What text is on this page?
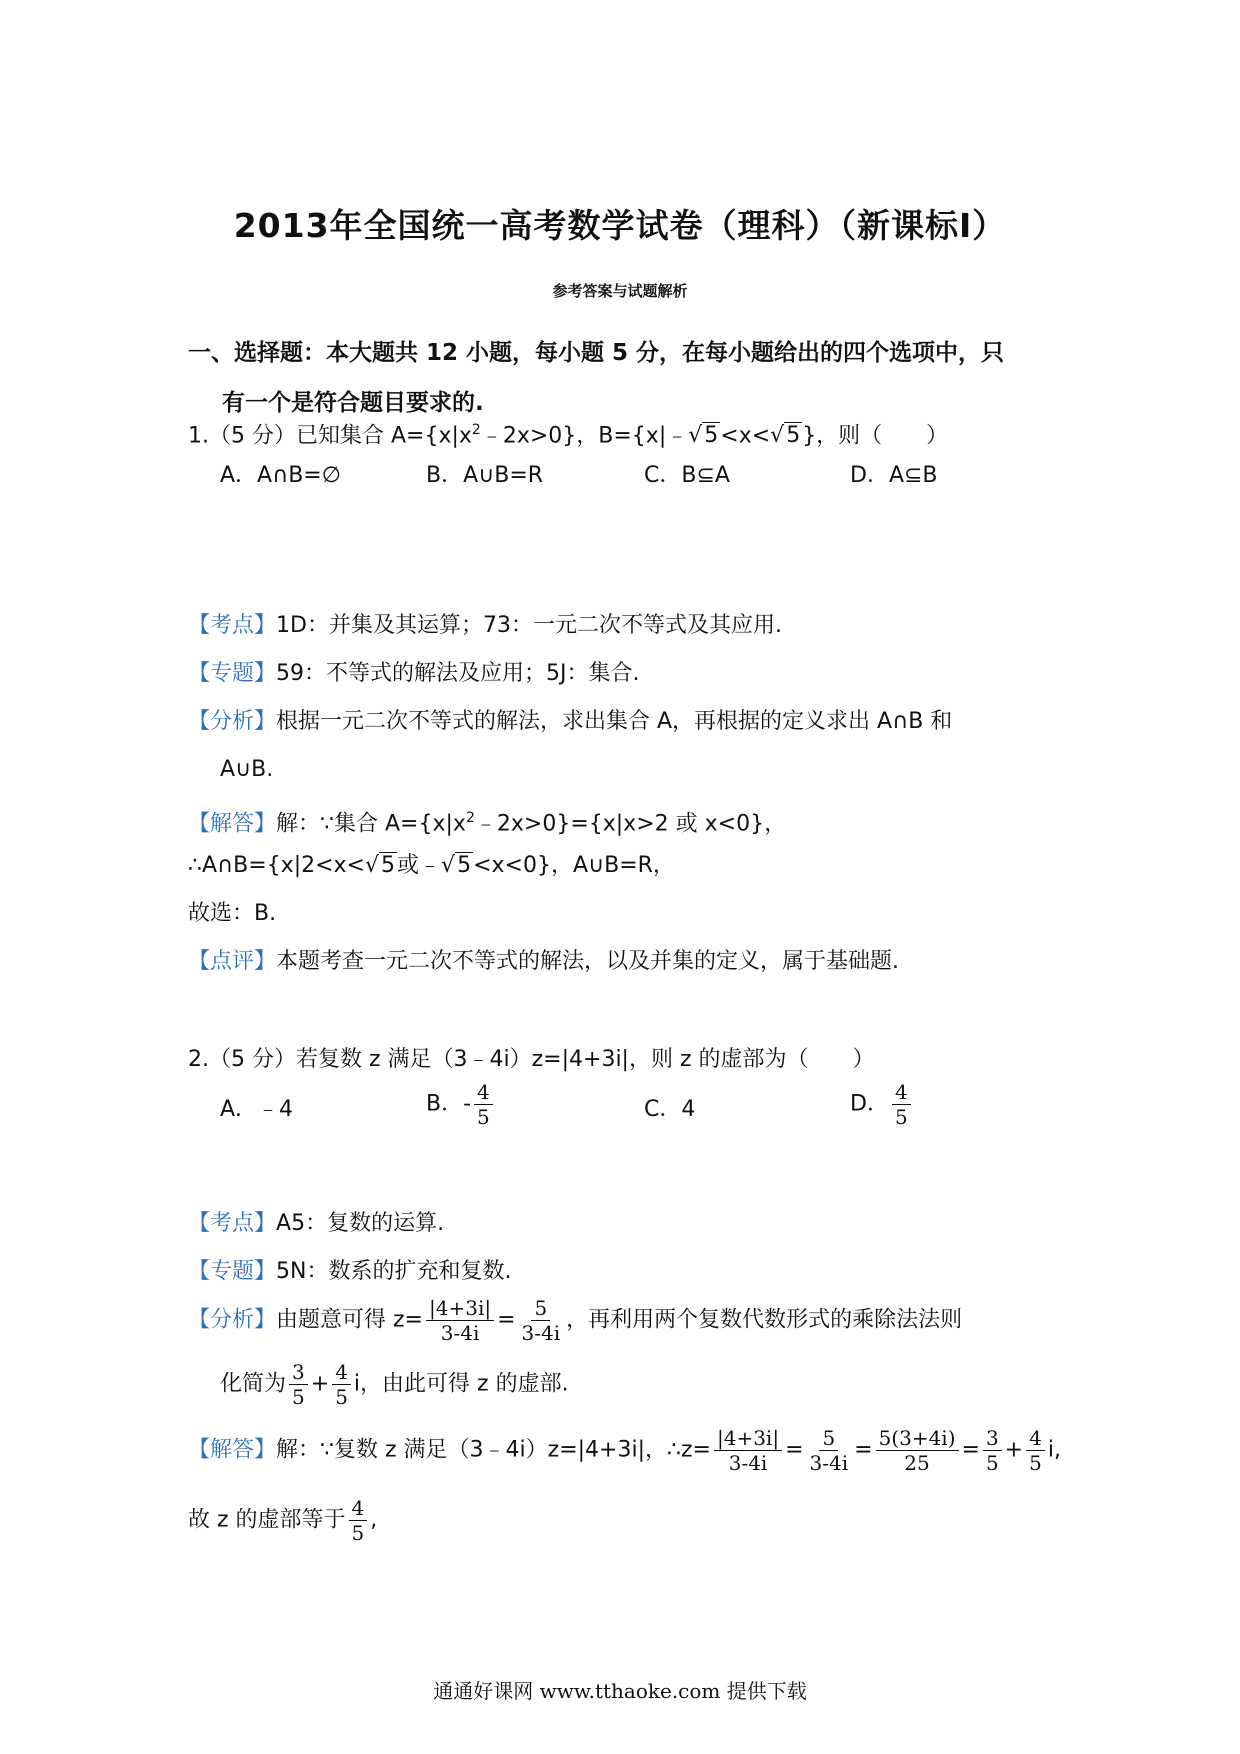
2013年全国统一高考数学试卷（理科）（新课标Ⅰ）
参考答案与试题解析
一、选择题：本大题共 12 小题，每小题 5 分，在每小题给出的四个选项中，只
有一个是符合题目要求的.
1.（5 分）已知集合 $A=\{x|x^2﹣2x>0\}$，B={x|﹣√5<x<√5}，则（　　）
A．A∩B=∅	B．A∪B=R	C．B⊆A	D．A⊆B
【考点】1D：并集及其运算；73：一元二次不等式及其应用.
【专题】59：不等式的解法及应用；5J：集合.
【分析】根据一元二次不等式的解法，求出集合 A，再根据的定义求出 A∩B 和
A∪B.
【解答】解：∵集合 $A=\{x|x^2﹣2x>0\}=\{x|x>2$ 或 x<0}，
∴A∩B={x|2<x<√5或﹣√5<x<0}，A∪B=R，
故选：B.
【点评】本题考查一元二次不等式的解法，以及并集的定义，属于基础题.
2.（5 分）若复数 z 满足（3﹣4i）z=|4+3i|，则 z 的虚部为（　　）
A．﹣4	B．- $\frac{4}{5}$	C．4	D． $\frac{4}{5}$
【考点】A5：复数的运算.
【专题】5N：数系的扩充和复数.
【分析】由题意可得 $z= \frac{|4+3i|}{3-4i} = \frac{5}{3-4i}$ ，再利用两个复数代数形式的乘除法法则
化简为 $\frac{3}{5} + \frac{4}{5}$ i，由此可得 z 的虚部.
【解答】解：∵复数 z 满足（3﹣4i）z=|4+3i|，∴z= $\frac{|4+3i|}{3-4i} = \frac{5}{3-4i} = \frac{5(3+4i)}{25} = \frac{3}{5} + \frac{4}{5} i$,
故 z 的虚部等于 $\frac{4}{5}$ ,
通通好课网 www.tthaoke.com 提供下载
